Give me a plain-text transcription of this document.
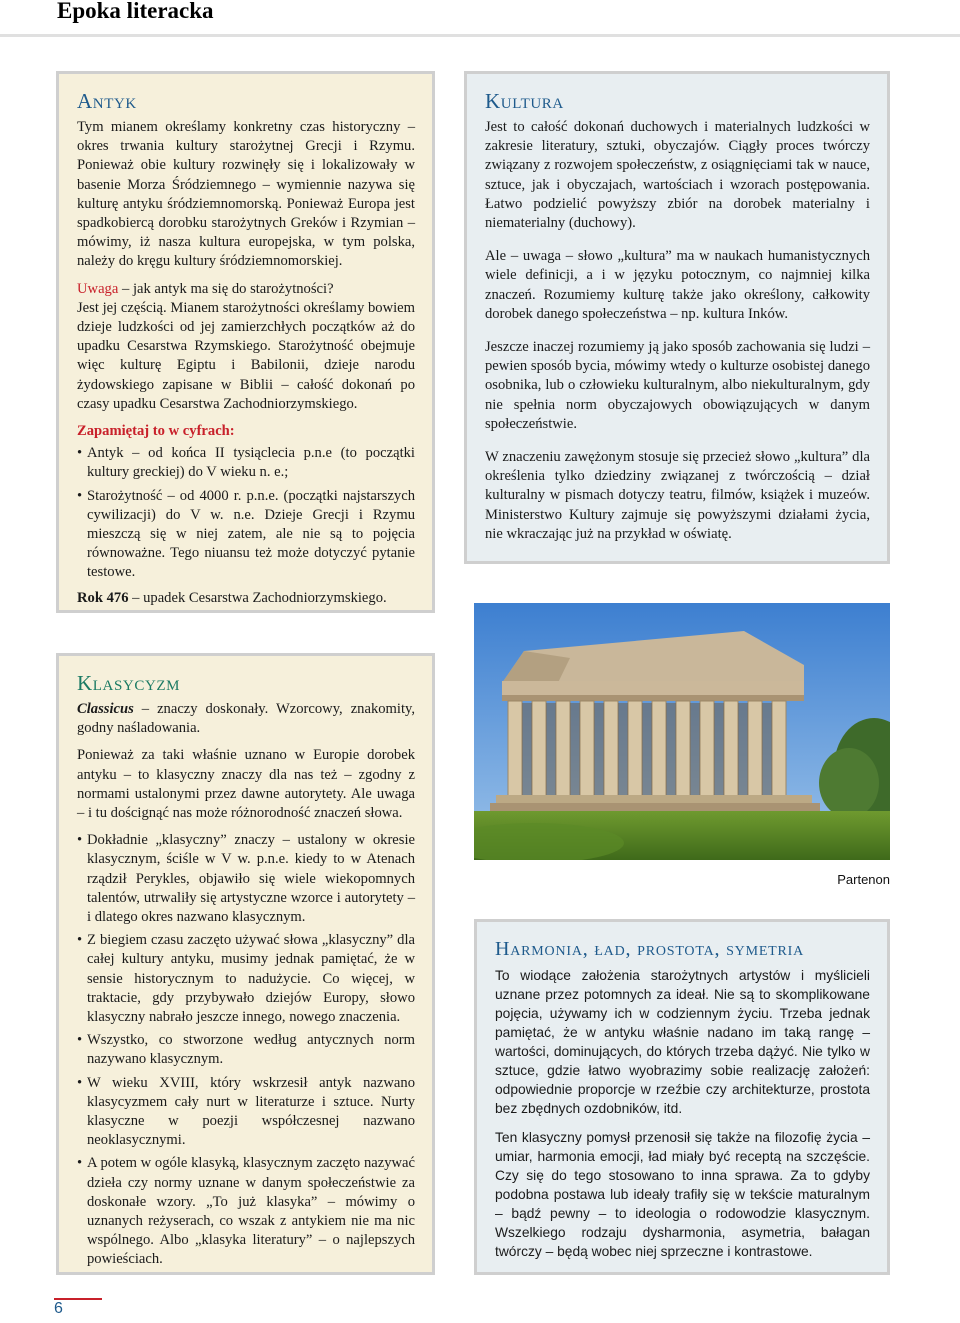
Epoka literacka
Antyk

Tym mianem określamy konkretny czas historyczny – okres trwania kultury starożytnej Grecji i Rzymu. Ponieważ obie kultury rozwinęły się i lokalizowały w basenie Morza Śródziemnego – wymiennie nazywa się kulturę antyku śródziemnomorską. Ponieważ Europa jest spadkobiercą dorobku starożytnych Greków i Rzymian – mówimy, iż nasza kultura europejska, w tym polska, należy do kręgu kultury śródziemnomorskiej.

Uwaga – jak antyk ma się do starożytności?

Jest jej częścią. Mianem starożytności określamy bowiem dzieje ludzkości od jej zamierzchłych początków aż do upadku Cesarstwa Rzymskiego. Starożytność obejmuje więc kulturę Egiptu i Babilonii, dzieje narodu żydowskiego zapisane w Biblii – całość dokonań po czasy upadku Cesarstwa Zachodniorzymskiego.

Zapamiętaj to w cyfrach:
• Antyk – od końca II tysiąclecia p.n.e (to początki kultury greckiej) do V wieku n. e.;
• Starożytność – od 4000 r. p.n.e. (początki najstarszych cywilizacji) do V w. n.e. Dzieje Grecji i Rzymu mieszczą się w niej zatem, ale nie są to pojęcia równoważne. Tego niuansu też może dotyczyć pytanie testowe.
Rok 476 – upadek Cesarstwa Zachodniorzymskiego.
Kultura

Jest to całość dokonań duchowych i materialnych ludzkości w zakresie literatury, sztuki, obyczajów. Ciągły proces twórczy związany z rozwojem społeczeństw, z osiągnięciami tak w nauce, sztuce, jak i obyczajach, wartościach i wzorach postępowania. Łatwo podzielić powyższy zbiór na dorobek materialny i niematerialny (duchowy).

Ale – uwaga – słowo „kultura” ma w naukach humanistycznych wiele definicji, a i w języku potocznym, co najmniej kilka znaczeń. Rozumiemy kulturę także jako określony, całkowity dorobek danego społeczeństwa – np. kultura Inków.

Jeszcze inaczej rozumiemy ją jako sposób zachowania się ludzi – pewien sposób bycia, mówimy wtedy o kulturze osobistej danego osobnika, lub o człowieku kulturalnym, albo niekulturalnym, gdy nie spełnia norm obyczajowych obowiązujących w danym społeczeństwie.

W znaczeniu zawężonym stosuje się przecież słowo „kultura” dla określenia tylko dziedziny związanej z twórczością – dział kulturalny w pismach dotyczy teatru, filmów, książek i muzeów. Ministerstwo Kultury zajmuje się powyższymi działami życia, nie wkraczając już na przykład w oświatę.

Klasycyzm

Classicus – znaczy doskonały. Wzorcowy, znakomity, godny naśladowania.

Ponieważ za taki właśnie uznano w Europie dorobek antyku – to klasyczny znaczy dla nas też – zgodny z normami ustalonymi przez dawne autorytety. Ale uwaga – i tu doścignąć nas może różnorodność znaczeń słowa.

• Dokładnie „klasyczny” znaczy – ustalony w okresie klasycznym, ściśle w V w. p.n.e. kiedy to w Atenach rządził Perykles, objawiło się wiele wiekopomnych talentów, utrwaliły się artystyczne wzorce i autorytety – i dlatego okres nazwano klasycznym.
• Z biegiem czasu zaczęto używać słowa „klasyczny” dla całej kultury antyku, musimy jednak pamiętać, że w sensie historycznym to nadużycie. Co więcej, w traktacie, gdy przybywało dziejów Europy, słowo klasyczny nabrało jeszcze innego, nowego znaczenia.
• Wszystko, co stworzone według antycznych norm nazywano klasycznym.
• W wieku XVIII, który wskrzesił antyk nazwano klasycyzmem cały nurt w literaturze i sztuce. Nurty klasyczne w poezji współczesnej nazwano neoklasycznymi.
• A potem w ogóle klasyką, klasycznym zaczęto nazywać dzieła czy normy uznane w danym społeczeństwie za doskonałe wzory. „To już klasyka” – mówimy o uznanych reżyserach, co wszak z antykiem nie ma nic wspólnego. Albo „klasyka literatury” – o najlepszych powieściach.
Partenon
Harmonia, ład, prostota, symetria

To wiodące założenia starożytnych artystów i myślicieli uznane przez potomnych za ideał. Nie są to skomplikowane pojęcia, używamy ich w codziennym życiu. Trzeba jednak pamiętać, że w antyku właśnie nadano im taką rangę – wartości, dominujących, do których trzeba dążyć. Nie tylko w sztuce, gdzie łatwo wyobrazimy sobie realizację założeń: odpowiednie proporcje w rzeźbie czy architekturze, prostota bez zbędnych ozdobników, itd.

Ten klasyczny pomysł przenosił się także na filozofię życia – umiar, harmonia emocji, ład miały być receptą na szczęście. Czy się do tego stosowano to inna sprawa. Za to gdyby podobna postawa lub ideały trafiły się w tekście maturalnym – bądź pewny – to ideologia o rodowodzie klasycznym. Wszelkiego rodzaju dysharmonia, asymetria, bałagan twórczy – będą wobec niej sprzeczne i kontrastowe.

6
